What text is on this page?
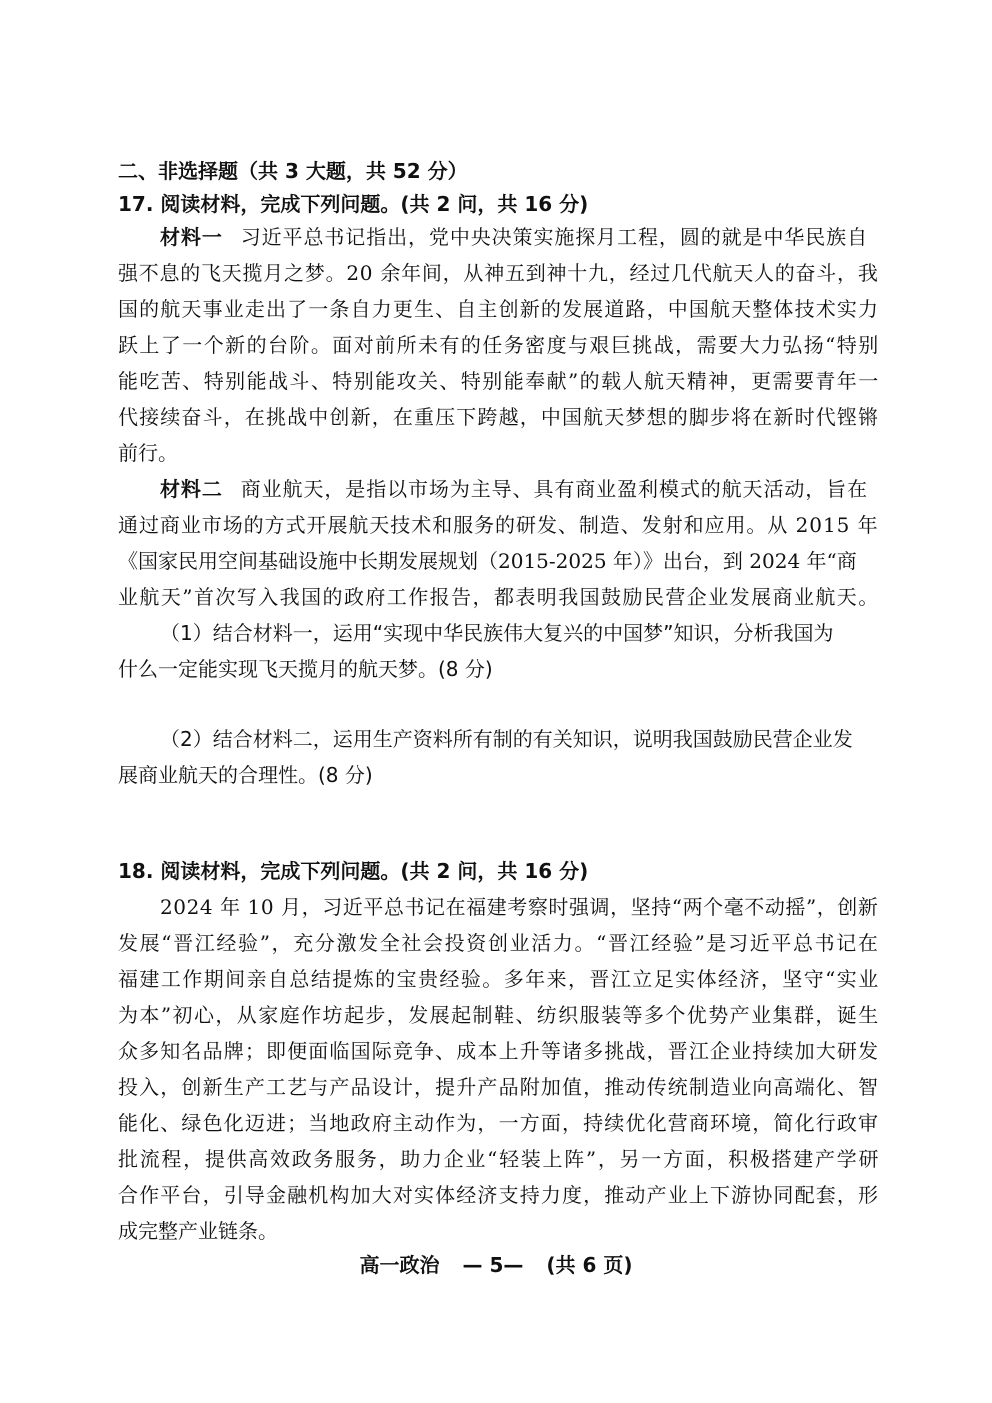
二、非选择题（共 3 大题，共 52 分）
17. 阅读材料，完成下列问题。(共 2 问，共 16 分)
材料一 习近平总书记指出，党中央决策实施探月工程，圆的就是中华民族自
强不息的飞天揽月之梦。20 余年间，从神五到神十九，经过几代航天人的奋斗，我
国的航天事业走出了一条自力更生、自主创新的发展道路，中国航天整体技术实力
跃上了一个新的台阶。面对前所未有的任务密度与艰巨挑战，需要大力弘扬“特别
能吃苦、特别能战斗、特别能攻关、特别能奉献”的载人航天精神，更需要青年一
代接续奋斗，在挑战中创新，在重压下跨越，中国航天梦想的脚步将在新时代铿锵
前行。
材料二 商业航天，是指以市场为主导、具有商业盈利模式的航天活动，旨在
通过商业市场的方式开展航天技术和服务的研发、制造、发射和应用。从 2015 年
《国家民用空间基础设施中长期发展规划（2015-2025 年）》出台，到 2024 年“商
业航天”首次写入我国的政府工作报告，都表明我国鼓励民营企业发展商业航天。
（1）结合材料一，运用“实现中华民族伟大复兴的中国梦”知识，分析我国为
什么一定能实现飞天揽月的航天梦。(8 分)
（2）结合材料二，运用生产资料所有制的有关知识，说明我国鼓励民营企业发
展商业航天的合理性。(8 分)
18. 阅读材料，完成下列问题。(共 2 问，共 16 分)
2024 年 10 月，习近平总书记在福建考察时强调，坚持“两个毫不动摇”，创新
发展“晋江经验”，充分激发全社会投资创业活力。“晋江经验”是习近平总书记在
福建工作期间亲自总结提炼的宝贵经验。多年来，晋江立足实体经济，坚守“实业
为本”初心，从家庭作坊起步，发展起制鞋、纺织服装等多个优势产业集群，诞生
众多知名品牌；即便面临国际竞争、成本上升等诸多挑战，晋江企业持续加大研发
投入，创新生产工艺与产品设计，提升产品附加值，推动传统制造业向高端化、智
能化、绿色化迈进；当地政府主动作为，一方面，持续优化营商环境，简化行政审
批流程，提供高效政务服务，助力企业“轻装上阵”，另一方面，积极搭建产学研
合作平台，引导金融机构加大对实体经济支持力度，推动产业上下游协同配套，形
成完整产业链条。
高一政治 — 5— (共 6 页)
